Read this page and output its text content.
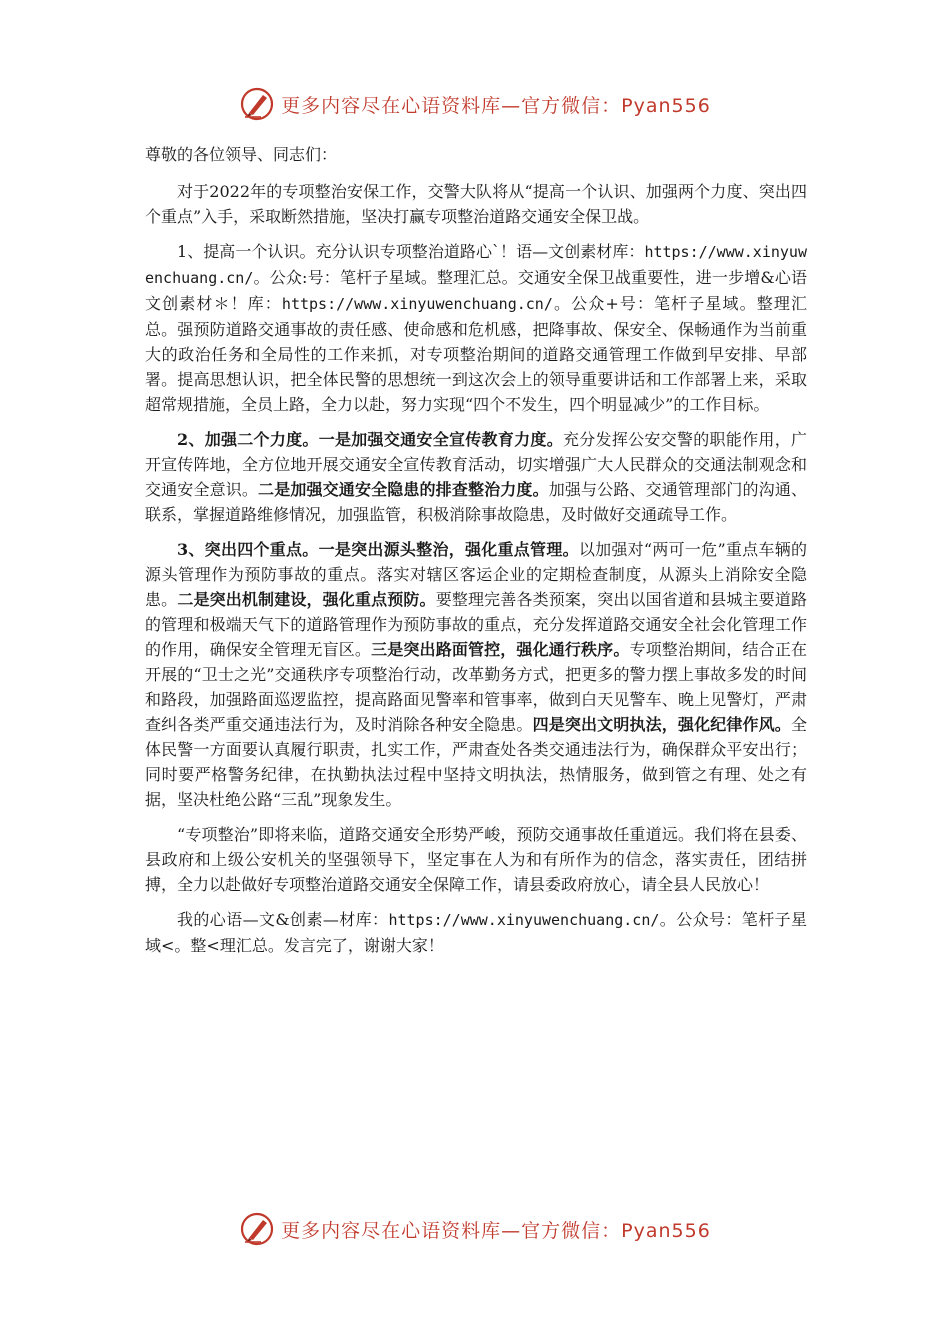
更多内容尽在心语资料库—官方微信：Pyan556

尊敬的各位领导、同志们：

对于2022年的专项整治安保工作，交警大队将从“提高一个认识、加强两个力度、突出四个重点”入手，采取断然措施，坚决打赢专项整治道路交通安全保卫战。

1、提高一个认识。充分认识专项整治道路心`！语—文创素材库：https://www.xinyuwenchuang.cn/。公众:号：笔杆子星域。整理汇总。交通安全保卫战重要性，进一步增&心语文创素材＊！库：https://www.xinyuwenchuang.cn/。公众+号：笔杆子星域。整理汇总。强预防道路交通事故的责任感、使命感和危机感，把降事故、保安全、保畅通作为当前重大的政治任务和全局性的工作来抓，对专项整治期间的道路交通管理工作做到早安排、早部署。提高思想认识，把全体民警的思想统一到这次会上的领导重要讲话和工作部署上来，采取超常规措施，全员上路，全力以赴，努力实现“四个不发生，四个明显减少”的工作目标。

2、加强二个力度。一是加强交通安全宣传教育力度。充分发挥公安交警的职能作用，广开宣传阵地，全方位地开展交通安全宣传教育活动，切实增强广大人民群众的交通法制观念和交通安全意识。二是加强交通安全隐患的排查整治力度。加强与公路、交通管理部门的沟通、联系，掌握道路维修情况，加强监管，积极消除事故隐患，及时做好交通疏导工作。

3、突出四个重点。一是突出源头整治，强化重点管理。以加强对“两可一危”重点车辆的源头管理作为预防事故的重点。落实对辖区客运企业的定期检查制度，从源头上消除安全隐患。二是突出机制建设，强化重点预防。要整理完善各类预案，突出以国省道和县城主要道路的管理和极端天气下的道路管理作为预防事故的重点，充分发挥道路交通安全社会化管理工作的作用，确保安全管理无盲区。三是突出路面管控，强化通行秩序。专项整治期间，结合正在开展的“卫士之光”交通秩序专项整治行动，改革勤务方式，把更多的警力摆上事故多发的时间和路段，加强路面巡逻监控，提高路面见警率和管事率，做到白天见警车、晚上见警灯，严肃查纠各类严重交通违法行为，及时消除各种安全隐患。四是突出文明执法，强化纪律作风。全体民警一方面要认真履行职责，扎实工作，严肃查处各类交通违法行为，确保群众平安出行；同时要严格警务纪律，在执勤执法过程中坚持文明执法，热情服务，做到管之有理、处之有据，坚决杜绝公路“三乱”现象发生。

“专项整治”即将来临，道路交通安全形势严峻，预防交通事故任重道远。我们将在县委、县政府和上级公安机关的坚强领导下，坚定事在人为和有所作为的信念，落实责任，团结拼搏，全力以赴做好专项整治道路交通安全保障工作，请县委政府放心，请全县人民放心！

我的心语—文&创素—材库：https://www.xinyuwenchuang.cn/。公众号：笔杆子星域<。整<理汇总。发言完了，谢谢大家！

更多内容尽在心语资料库—官方微信：Pyan556
